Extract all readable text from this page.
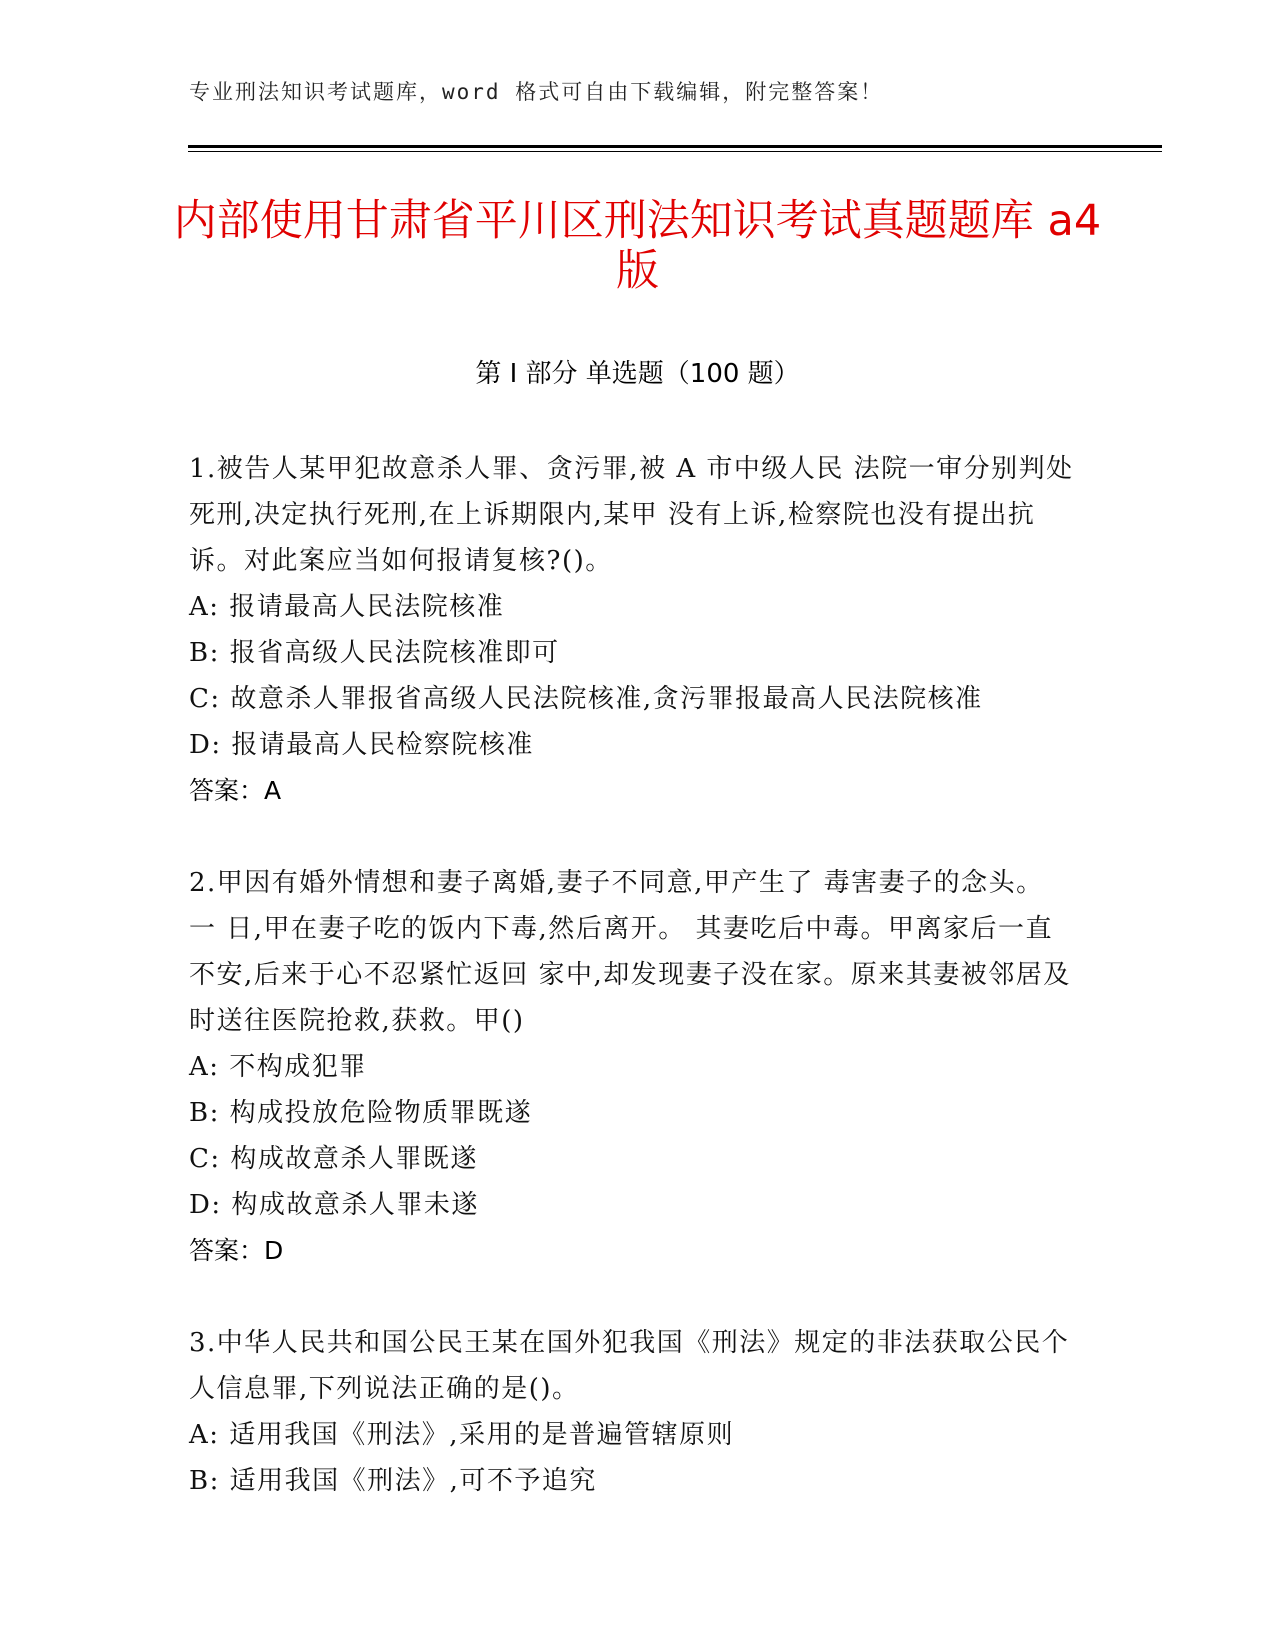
专业刑法知识考试题库，word 格式可自由下载编辑，附完整答案！
内部使用甘肃省平川区刑法知识考试真题题库 a4 版
第 I 部分 单选题（100 题）
1.被告人某甲犯故意杀人罪、贪污罪,被 A 市中级人民 法院一审分别判处死刑,决定执行死刑,在上诉期限内,某甲 没有上诉,检察院也没有提出抗诉。对此案应当如何报请复核?()。
A: 报请最高人民法院核准
B: 报省高级人民法院核准即可
C: 故意杀人罪报省高级人民法院核准,贪污罪报最高人民法院核准
D: 报请最高人民检察院核准
答案：A
2.甲因有婚外情想和妻子离婚,妻子不同意,甲产生了 毒害妻子的念头。 一 日,甲在妻子吃的饭内下毒,然后离开。 其妻吃后中毒。甲离家后一直不安,后来于心不忍紧忙返回 家中,却发现妻子没在家。原来其妻被邻居及时送往医院抢救,获救。甲()
A: 不构成犯罪
B: 构成投放危险物质罪既遂
C: 构成故意杀人罪既遂
D: 构成故意杀人罪未遂
答案：D
3.中华人民共和国公民王某在国外犯我国《刑法》规定的非法获取公民个人信息罪,下列说法正确的是()。
A: 适用我国《刑法》,采用的是普遍管辖原则
B: 适用我国《刑法》,可不予追究
